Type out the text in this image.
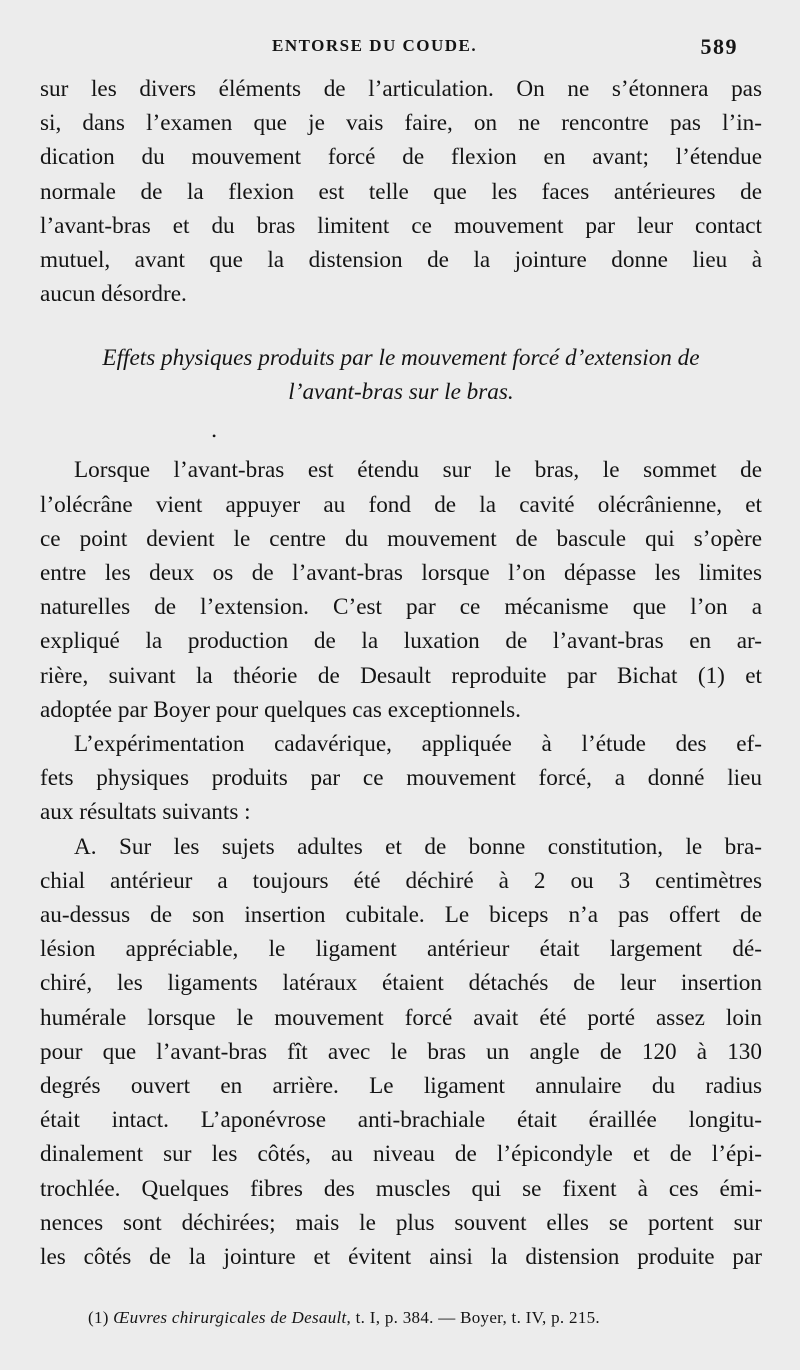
ENTORSE DU COUDE.	589

sur les divers éléments de l’articulation. On ne s’étonnera pas
si, dans l’examen que je vais faire, on ne rencontre pas l’in-
dication du mouvement forcé de flexion en avant; l’étendue
normale de la flexion est telle que les faces antérieures de
l’avant-bras et du bras limitent ce mouvement par leur contact
mutuel, avant que la distension de la jointure donne lieu à
aucun désordre.

Effets physiques produits par le mouvement forcé d’extension de
l’avant-bras sur le bras.

•

Lorsque l’avant-bras est étendu sur le bras, le sommet de
l’olécrâne vient appuyer au fond de la cavité olécrânienne, et
ce point devient le centre du mouvement de bascule qui s’opère
entre les deux os de l’avant-bras lorsque l’on dépasse les limites
naturelles de l’extension. C’est par ce mécanisme que l’on a
expliqué la production de la luxation de l’avant-bras en ar-
rière, suivant la théorie de Desault reproduite par Bichat (1) et
adoptée par Boyer pour quelques cas exceptionnels.

L’expérimentation cadavérique, appliquée à l’étude des ef-
fets physiques produits par ce mouvement forcé, a donné lieu
aux résultats suivants :

A. Sur les sujets adultes et de bonne constitution, le bra-
chial antérieur a toujours été déchiré à 2 ou 3 centimètres
au-dessus de son insertion cubitale. Le biceps n’a pas offert de
lésion appréciable, le ligament antérieur était largement dé-
chiré, les ligaments latéraux étaient détachés de leur insertion
humérale lorsque le mouvement forcé avait été porté assez loin
pour que l’avant-bras fît avec le bras un angle de 120 à 130
degrés ouvert en arrière. Le ligament annulaire du radius
était intact. L’aponévrose anti-brachiale était éraillée longitu-
dinalement sur les côtés, au niveau de l’épicondyle et de l’épi-
trochlée. Quelques fibres des muscles qui se fixent à ces émi-
nences sont déchirées; mais le plus souvent elles se portent sur
les côtés de la jointure et évitent ainsi la distension produite par

(1) Œuvres chirurgicales de Desault, t. I, p. 384. — Boyer, t. IV, p. 215.
